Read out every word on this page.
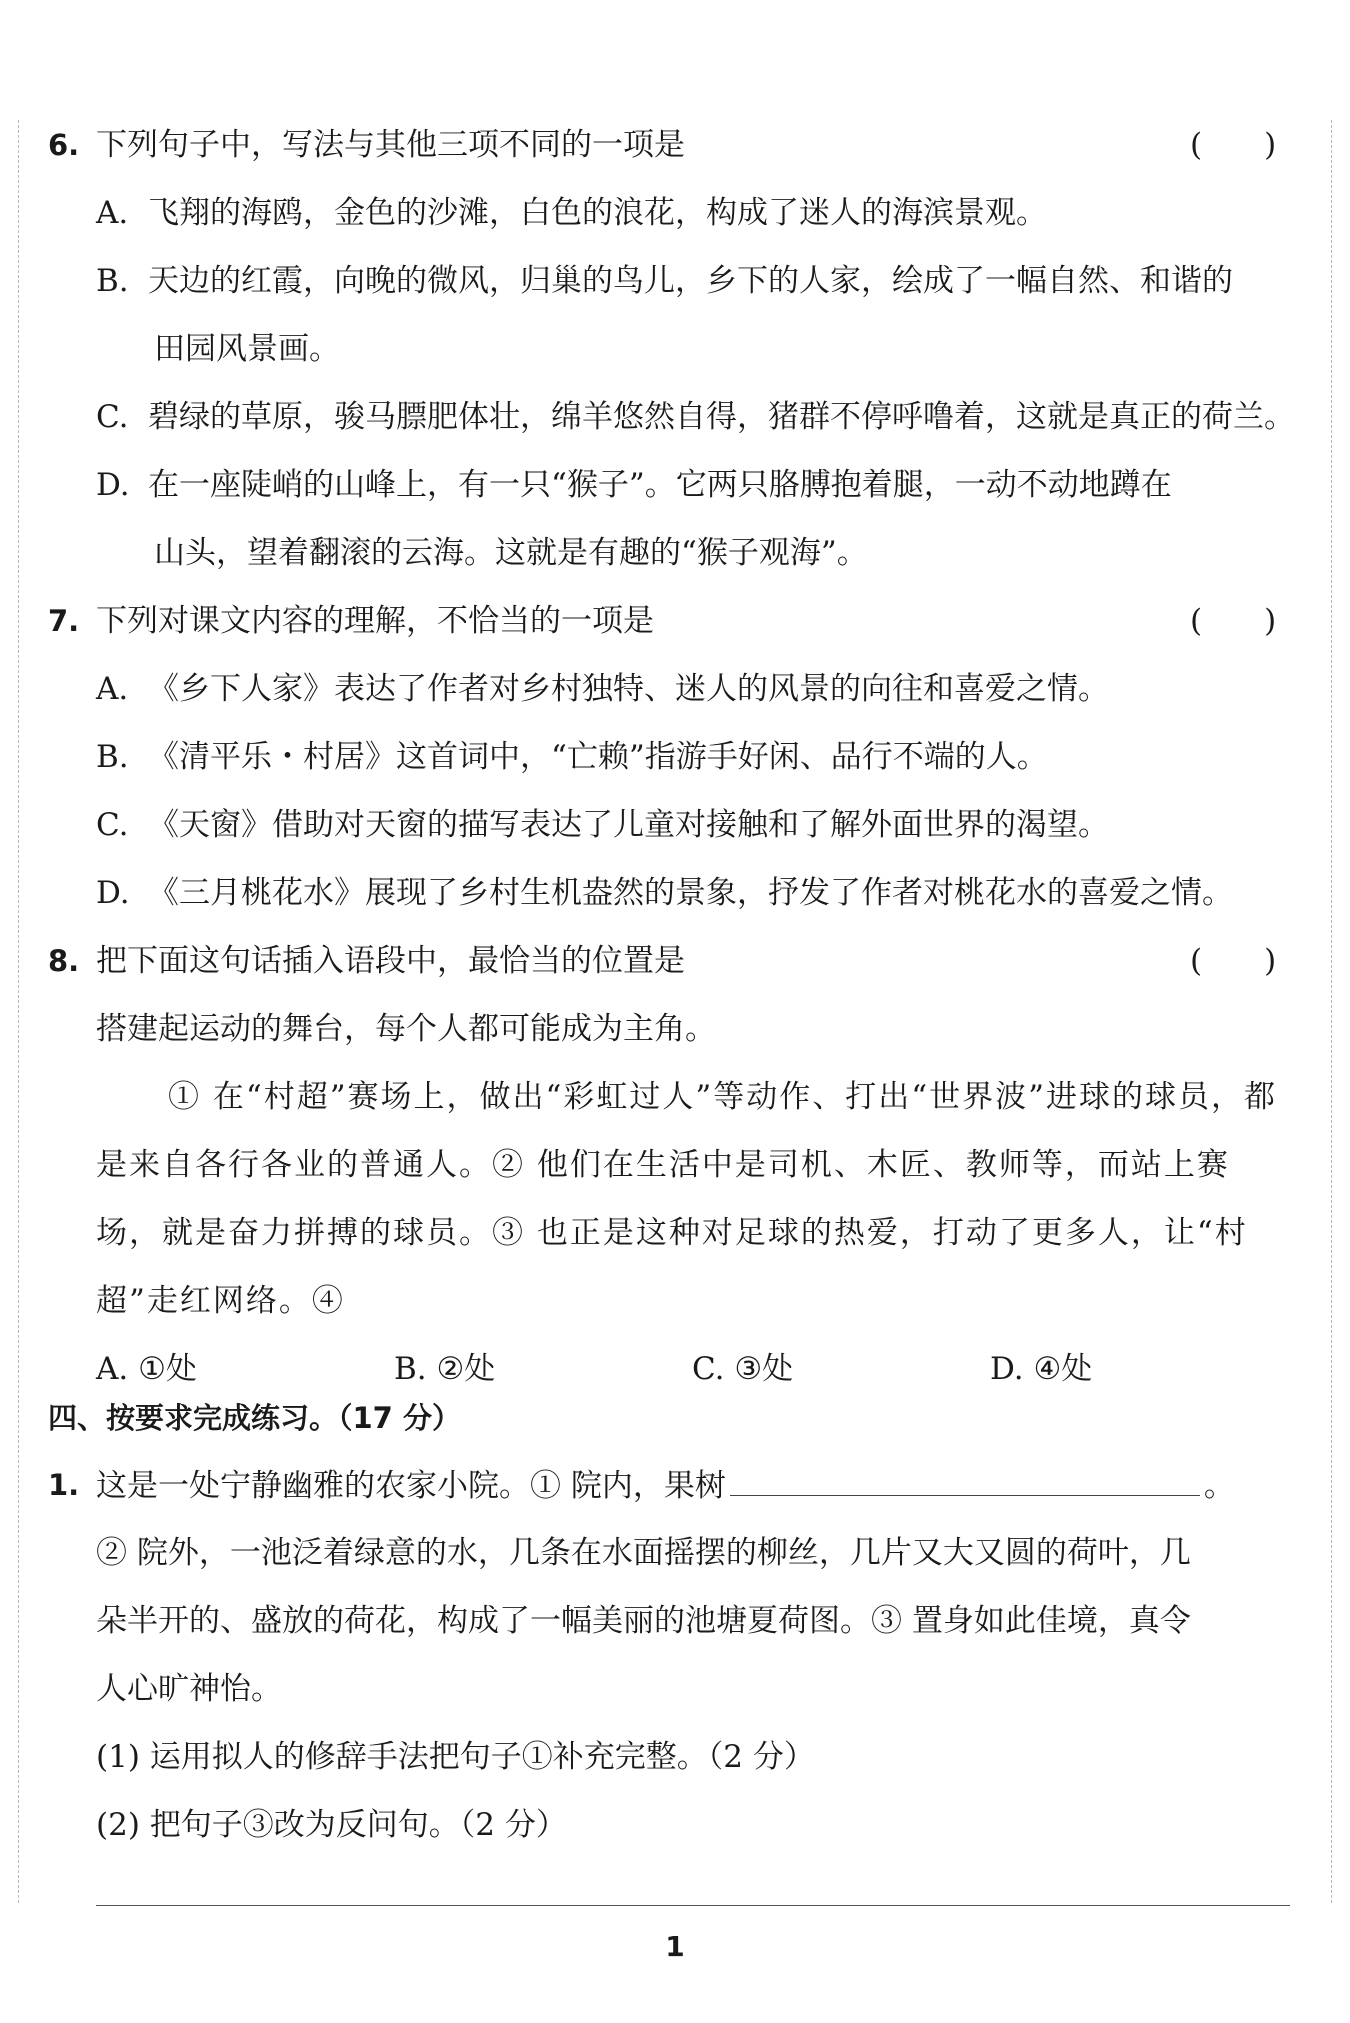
6. 下列句子中，写法与其他三项不同的一项是	(　　)
A. 飞翔的海鸥，金色的沙滩，白色的浪花，构成了迷人的海滨景观。
B. 天边的红霞，向晚的微风，归巢的鸟儿，乡下的人家，绘成了一幅自然、和谐的
田园风景画。
C. 碧绿的草原，骏马膘肥体壮，绵羊悠然自得，猪群不停呼噜着，这就是真正的荷兰。
D. 在一座陡峭的山峰上，有一只“猴子”。它两只胳膊抱着腿，一动不动地蹲在
山头，望着翻滚的云海。这就是有趣的“猴子观海”。
7. 下列对课文内容的理解，不恰当的一项是	(　　)
A. 《乡下人家》表达了作者对乡村独特、迷人的风景的向往和喜爱之情。
B. 《清平乐・村居》这首词中，“亡赖”指游手好闲、品行不端的人。
C. 《天窗》借助对天窗的描写表达了儿童对接触和了解外面世界的渴望。
D. 《三月桃花水》展现了乡村生机盎然的景象，抒发了作者对桃花水的喜爱之情。
8. 把下面这句话插入语段中，最恰当的位置是	(　　)
搭建起运动的舞台，每个人都可能成为主角。
① 在“村超”赛场上，做出“彩虹过人”等动作、打出“世界波”进球的球员，都
是来自各行各业的普通人。② 他们在生活中是司机、木匠、教师等，而站上赛
场，就是奋力拼搏的球员。③ 也正是这种对足球的热爱，打动了更多人，让“村
超”走红网络。④
A. ①处	B. ②处	C. ③处	D. ④处
四、按要求完成练习。（17 分）
1. 这是一处宁静幽雅的农家小院。① 院内，果树	。
② 院外，一池泛着绿意的水，几条在水面摇摆的柳丝，几片又大又圆的荷叶，几
朵半开的、盛放的荷花，构成了一幅美丽的池塘夏荷图。③ 置身如此佳境，真令
人心旷神怡。
(1) 运用拟人的修辞手法把句子①补充完整。（2 分）
(2) 把句子③改为反问句。（2 分）
1
